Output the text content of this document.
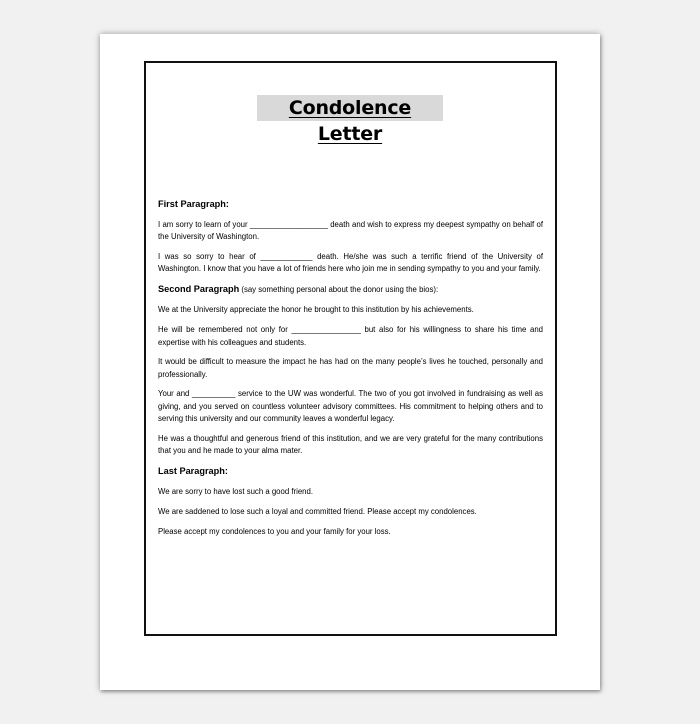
Condolence Letter

First Paragraph:

I am sorry to learn of your __________________ death and wish to express my deepest sympathy on behalf of the University of Washington.

I was so sorry to hear of ____________ death. He/she was such a terrific friend of the University of Washington. I know that you have a lot of friends here who join me in sending sympathy to you and your family.

Second Paragraph (say something personal about the donor using the bios):

We at the University appreciate the honor he brought to this institution by his achievements.

He will be remembered not only for ________________ but also for his willingness to share his time and expertise with his colleagues and students.

It would be difficult to measure the impact he has had on the many people’s lives he touched, personally and professionally.

Your and __________ service to the UW was wonderful. The two of you got involved in fundraising as well as giving, and you served on countless volunteer advisory committees. His commitment to helping others and to serving this university and our community leaves a wonderful legacy.

He was a thoughtful and generous friend of this institution, and we are very grateful for the many contributions that you and he made to your alma mater.

Last Paragraph:

We are sorry to have lost such a good friend.

We are saddened to lose such a loyal and committed friend. Please accept my condolences.

Please accept my condolences to you and your family for your loss.
